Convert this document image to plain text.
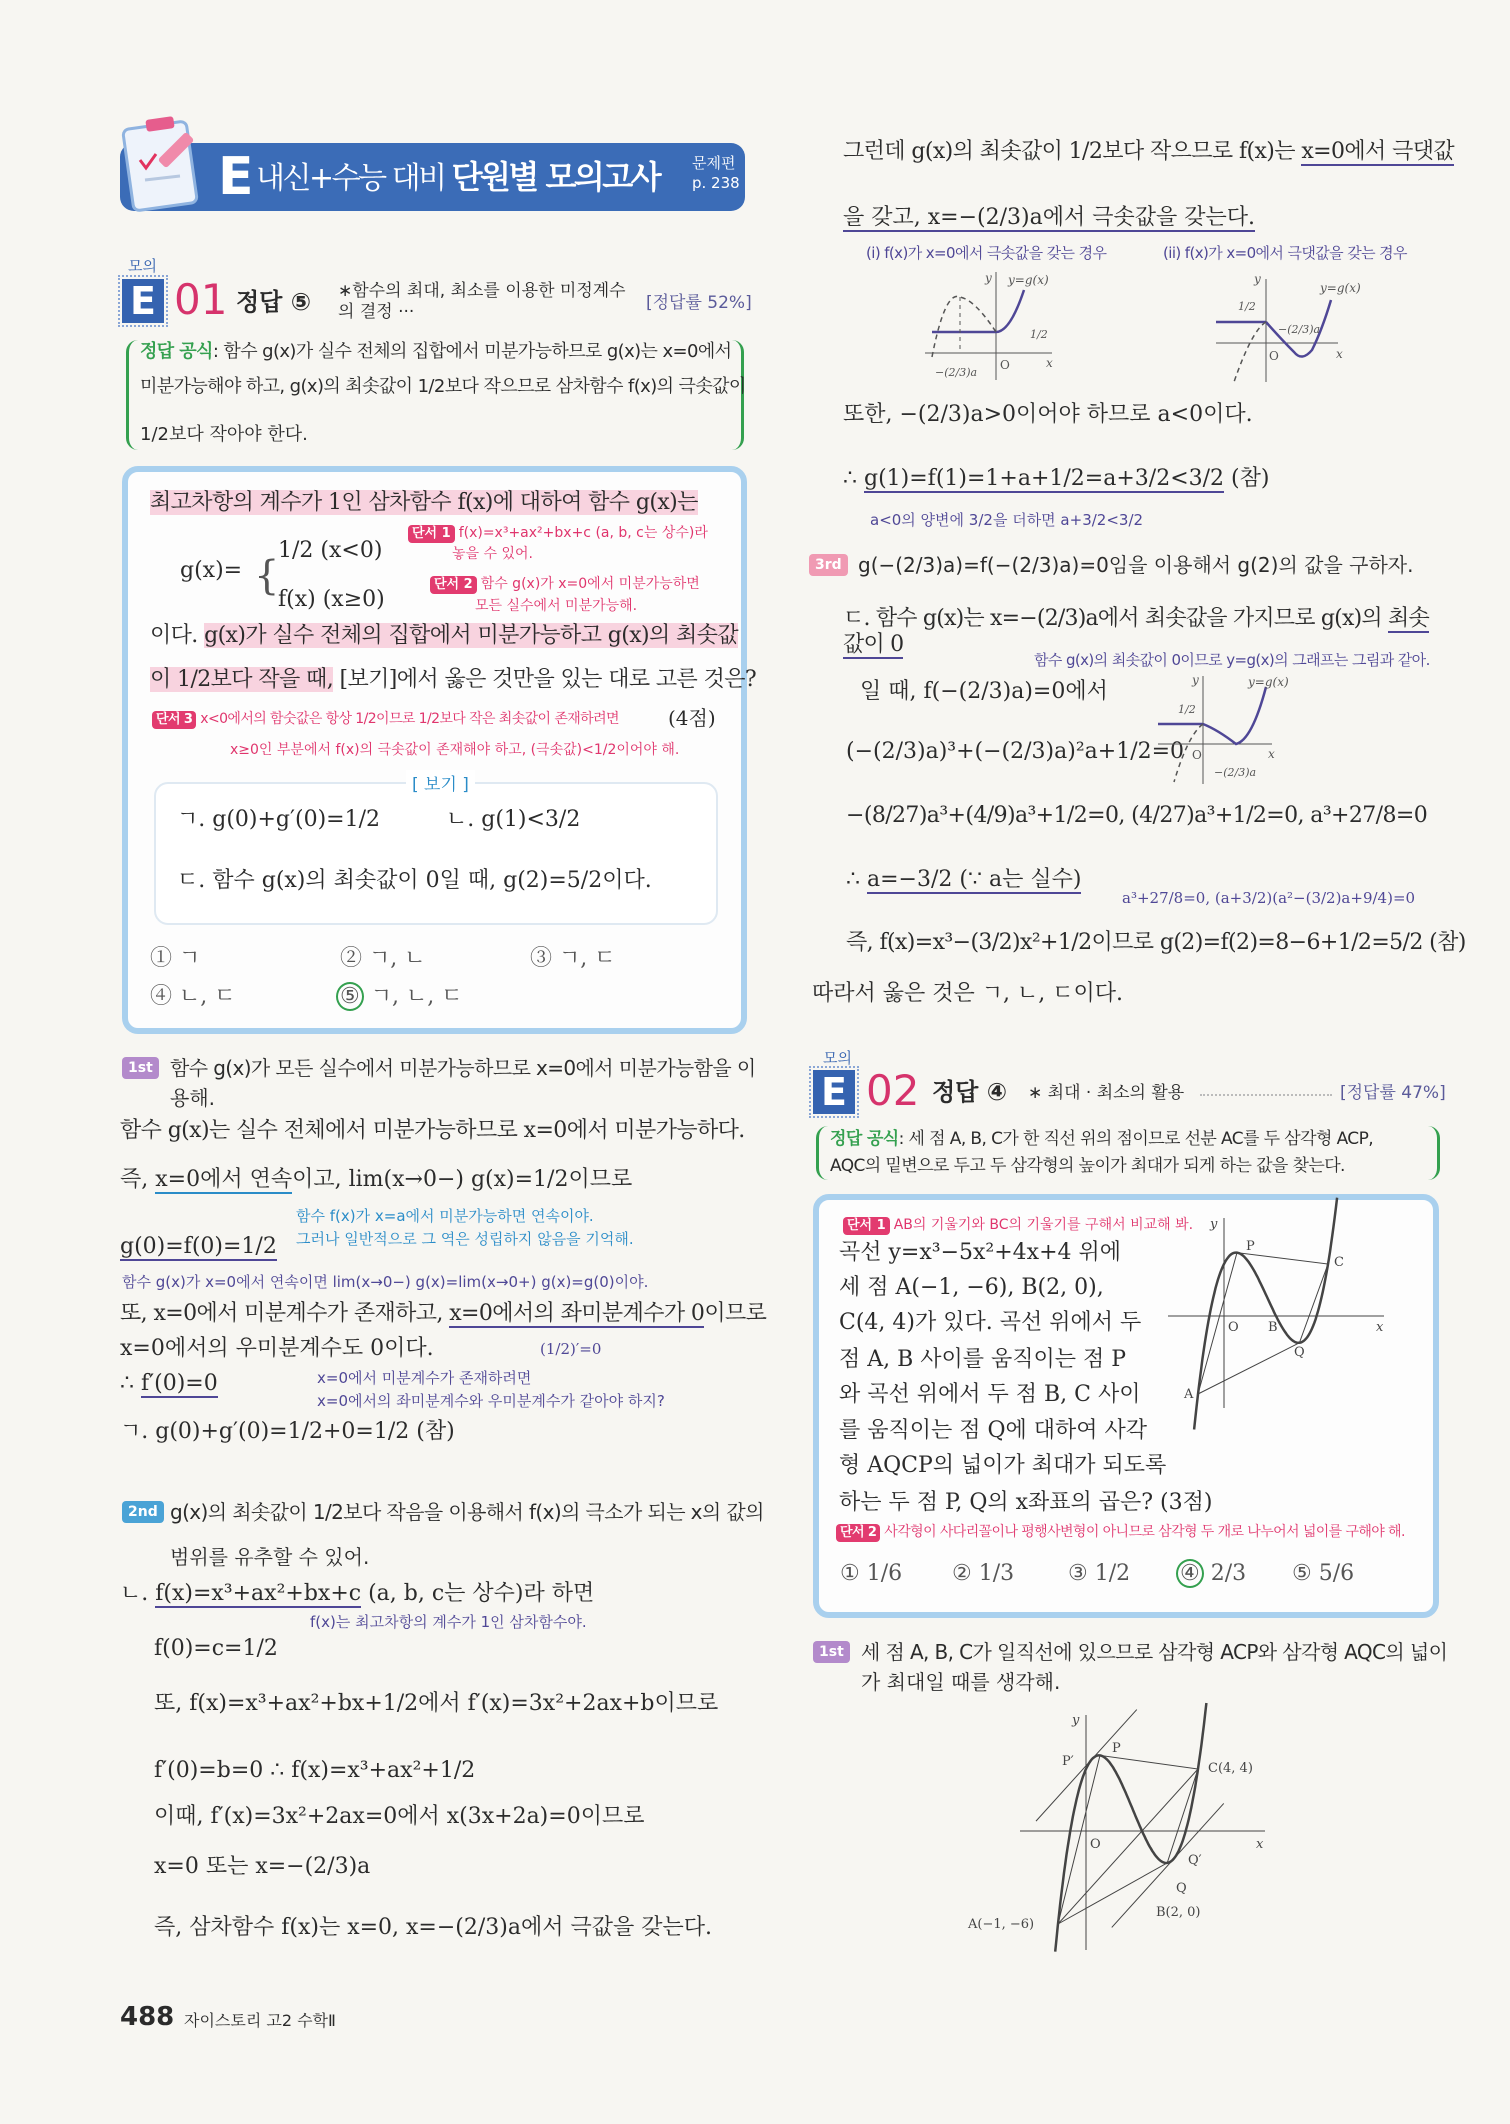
E 내신+수능 대비 단원별 모의고사 문제편
p. 238
모의
E 01 정답 ⑤ ∗함수의 최대, 최소를 이용한 미정계수의 결정 ···	[정답률 52%]
정답 공식: 함수 g(x)가 실수 전체의 집합에서 미분가능하므로 g(x)는 x=0에서
미분가능해야 하고, g(x)의 최솟값이 1/2보다 작으므로 삼차함수 f(x)의 극솟값이
1/2보다 작아야 한다.
최고차항의 계수가 1인 삼차함수 f(x)에 대하여 함수 g(x)는
단서 1 f(x)=x³+ax²+bx+c (a, b, c는 상수)라
놓을 수 있어.
g(x)= {
1/2 (x<0)
f(x) (x≥0)
단서 2 함수 g(x)가 x=0에서 미분가능하면
모든 실수에서 미분가능해.
이다. g(x)가 실수 전체의 집합에서 미분가능하고 g(x)의 최솟값
이 1/2보다 작을 때, [보기]에서 옳은 것만을 있는 대로 고른 것은?
단서 3 x<0에서의 함숫값은 항상 1/2이므로 1/2보다 작은 최솟값이 존재하려면 (4점)
x≥0인 부분에서 f(x)의 극솟값이 존재해야 하고, (극솟값)<1/2이어야 해.
[ 보기 ]
ㄱ. g(0)+g′(0)=1/2	ㄴ. g(1)<3/2
ㄷ. 함수 g(x)의 최솟값이 0일 때, g(2)=5/2이다.
① ㄱ	② ㄱ, ㄴ	③ ㄱ, ㄷ
④ ㄴ, ㄷ	⑤ ㄱ, ㄴ, ㄷ
1st 함수 g(x)가 모든 실수에서 미분가능하므로 x=0에서 미분가능함을 이
용해.
함수 g(x)는 실수 전체에서 미분가능하므로 x=0에서 미분가능하다.
즉, x=0에서 연속이고, lim(x→0−) g(x)=1/2이므로
함수 f(x)가 x=a에서 미분가능하면 연속이야.
그러나 일반적으로 그 역은 성립하지 않음을 기억해.
g(0)=f(0)=1/2
함수 g(x)가 x=0에서 연속이면 lim(x→0−) g(x)=lim(x→0+) g(x)=g(0)이야.
또, x=0에서 미분계수가 존재하고, x=0에서의 좌미분계수가 0이므로
x=0에서의 우미분계수도 0이다.	(1/2)′=0
∴ f′(0)=0	x=0에서 미분계수가 존재하려면
x=0에서의 좌미분계수와 우미분계수가 같아야 하지?
ㄱ. g(0)+g′(0)=1/2+0=1/2 (참)
2nd g(x)의 최솟값이 1/2보다 작음을 이용해서 f(x)의 극소가 되는 x의 값의
범위를 유추할 수 있어.
ㄴ. f(x)=x³+ax²+bx+c (a, b, c는 상수)라 하면
f(x)는 최고차항의 계수가 1인 삼차함수야.
f(0)=c=1/2
또, f(x)=x³+ax²+bx+1/2에서 f′(x)=3x²+2ax+b이므로
f′(0)=b=0 ∴ f(x)=x³+ax²+1/2
이때, f′(x)=3x²+2ax=0에서 x(3x+2a)=0이므로
x=0 또는 x=−(2/3)a
즉, 삼차함수 f(x)는 x=0, x=−(2/3)a에서 극값을 갖는다.
488 자이스토리 고2 수학Ⅱ
그런데 g(x)의 최솟값이 1/2보다 작으므로 f(x)는 x=0에서 극댓값
을 갖고, x=−(2/3)a에서 극솟값을 갖는다.
(i) f(x)가 x=0에서 극솟값을 갖는 경우	(ii) f(x)가 x=0에서 극댓값을 갖는 경우
또한, −(2/3)a>0이어야 하므로 a<0이다.
∴ g(1)=f(1)=1+a+1/2=a+3/2<3/2 (참)
a<0의 양변에 3/2을 더하면 a+3/2<3/2
3rd g(−(2/3)a)=f(−(2/3)a)=0임을 이용해서 g(2)의 값을 구하자.
ㄷ. 함수 g(x)는 x=−(2/3)a에서 최솟값을 가지므로 g(x)의 최솟값이 0
함수 g(x)의 최솟값이 0이므로 y=g(x)의 그래프는 그림과 같아.
일 때, f(−(2/3)a)=0에서
(−(2/3)a)³+(−(2/3)a)²a+1/2=0
−(8/27)a³+(4/9)a³+1/2=0, (4/27)a³+1/2=0, a³+27/8=0
∴ a=−3/2 (∵ a는 실수)
a³+27/8=0, (a+3/2)(a²−(3/2)a+9/4)=0
즉, f(x)=x³−(3/2)x²+1/2이므로 g(2)=f(2)=8−6+1/2=5/2 (참)
따라서 옳은 것은 ㄱ, ㄴ, ㄷ이다.
모의
E 02 정답 ④ ∗ 최대 · 최소의 활용	[정답률 47%]
정답 공식: 세 점 A, B, C가 한 직선 위의 점이므로 선분 AC를 두 삼각형 ACP,
AQC의 밑변으로 두고 두 삼각형의 높이가 최대가 되게 하는 값을 찾는다.
단서 1 AB의 기울기와 BC의 기울기를 구해서 비교해 봐.
곡선 y=x³−5x²+4x+4 위에
세 점 A(−1, −6), B(2, 0),
C(4, 4)가 있다. 곡선 위에서 두
점 A, B 사이를 움직이는 점 P
와 곡선 위에서 두 점 B, C 사이
를 움직이는 점 Q에 대하여 사각
형 AQCP의 넓이가 최대가 되도록
하는 두 점 P, Q의 x좌표의 곱은? (3점)
단서 2 사각형이 사다리꼴이나 평행사변형이 아니므로 삼각형 두 개로 나누어서 넓이를 구해야 해.
① 1/6 ② 1/3 ③ 1/2 ④ 2/3 ⑤ 5/6
1st 세 점 A, B, C가 일직선에 있으므로 삼각형 ACP와 삼각형 AQC의 넓이
가 최대일 때를 생각해.
y
x
O
y=g(x)
1/2
−(2/3)a
y
x
O
y=g(x)
1/2
−(2/3)a
y
x
O
y=g(x)
1/2
−(2/3)a
y
x
O
P
C
B
Q
A
y
x
O
P
P′	C(4, 4)
Q
Q′
B(2, 0)
A(−1, −6)
